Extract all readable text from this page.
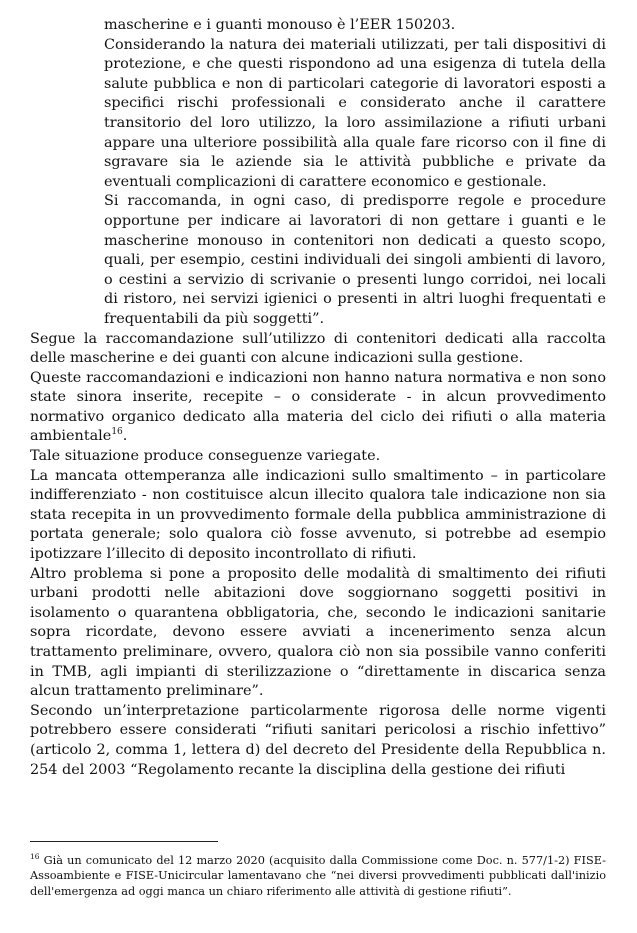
mascherine e i guanti monouso è l’EER 150203.

Considerando la natura dei materiali utilizzati, per tali dispositivi di protezione, e che questi rispondono ad una esigenza di tutela della salute pubblica e non di particolari categorie di lavoratori esposti a specifici rischi professionali e considerato anche il carattere transitorio del loro utilizzo, la loro assimilazione a rifiuti urbani appare una ulteriore possibilità alla quale fare ricorso con il fine di sgravare sia le aziende sia le attività pubbliche e private da eventuali complicazioni di carattere economico e gestionale.

Si raccomanda, in ogni caso, di predisporre regole e procedure opportune per indicare ai lavoratori di non gettare i guanti e le mascherine monouso in contenitori non dedicati a questo scopo, quali, per esempio, cestini individuali dei singoli ambienti di lavoro, o cestini a servizio di scrivanie o presenti lungo corridoi, nei locali di ristoro, nei servizi igienici o presenti in altri luoghi frequentati e frequentabili da più soggetti”.

Segue la raccomandazione sull’utilizzo di contenitori dedicati alla raccolta delle mascherine e dei guanti con alcune indicazioni sulla gestione.

Queste raccomandazioni e indicazioni non hanno natura normativa e non sono state sinora inserite, recepite – o considerate - in alcun provvedimento normativo organico dedicato alla materia del ciclo dei rifiuti o alla materia ambientale$^{16}$.

Tale situazione produce conseguenze variegate.

La mancata ottemperanza alle indicazioni sullo smaltimento – in particolare indifferenziato - non costituisce alcun illecito qualora tale indicazione non sia stata recepita in un provvedimento formale della pubblica amministrazione di portata generale; solo qualora ciò fosse avvenuto, si potrebbe ad esempio ipotizzare l’illecito di deposito incontrollato di rifiuti.

Altro problema si pone a proposito delle modalità di smaltimento dei rifiuti urbani prodotti nelle abitazioni dove soggiornano soggetti positivi in isolamento o quarantena obbligatoria, che, secondo le indicazioni sanitarie sopra ricordate, devono essere avviati a incenerimento senza alcun trattamento preliminare, ovvero, qualora ciò non sia possibile vanno conferiti in TMB, agli impianti di sterilizzazione o “direttamente in discarica senza alcun trattamento preliminare”.

Secondo un’interpretazione particolarmente rigorosa delle norme vigenti potrebbero essere considerati “rifiuti sanitari pericolosi a rischio infettivo” (articolo 2, comma 1, lettera d) del decreto del Presidente della Repubblica n. 254 del 2003 “Regolamento recante la disciplina della gestione dei rifiuti

$^{16}$ Già un comunicato del 12 marzo 2020 (acquisito dalla Commissione come Doc. n. 577/1-2) FISE-Assoambiente e FISE-Unicircular lamentavano che “nei diversi provvedimenti pubblicati dall'inizio dell'emergenza ad oggi manca un chiaro riferimento alle attività di gestione rifiuti”.
